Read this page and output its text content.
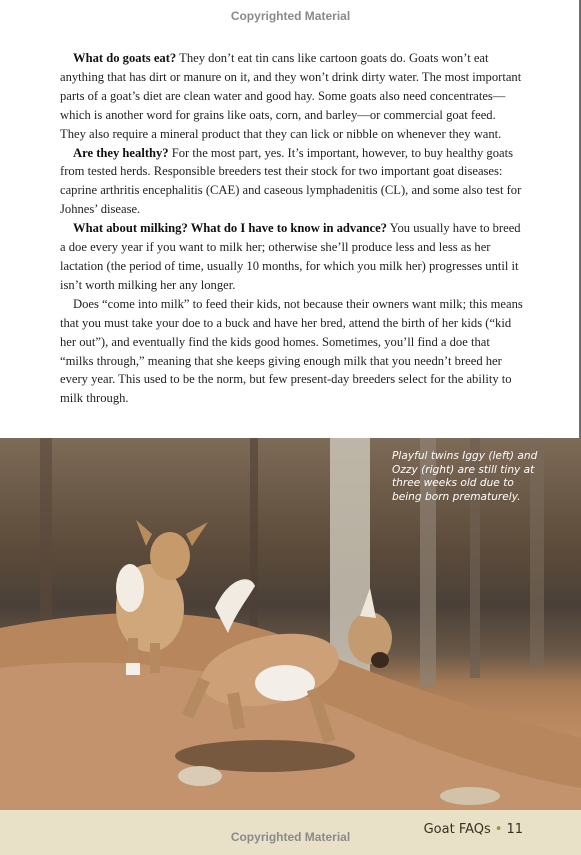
Copyrighted Material

What do goats eat? They don’t eat tin cans like cartoon goats do. Goats won’t eat anything that has dirt or manure on it, and they won’t drink dirty water. The most important parts of a goat’s diet are clean water and good hay. Some goats also need concentrates—which is another word for grains like oats, corn, and barley—or commercial goat feed. They also require a mineral product that they can lick or nibble on whenever they want.

Are they healthy? For the most part, yes. It’s important, however, to buy healthy goats from tested herds. Responsible breeders test their stock for two important goat diseases: caprine arthritis encephalitis (CAE) and caseous lymphadenitis (CL), and some also test for Johnes’ disease.

What about milking? What do I have to know in advance? You usually have to breed a doe every year if you want to milk her; otherwise she’ll produce less and less as her lactation (the period of time, usually 10 months, for which you milk her) progresses until it isn’t worth milking her any longer.

Does “come into milk” to feed their kids, not because their owners want milk; this means that you must take your doe to a buck and have her bred, attend the birth of her kids (“kid her out”), and eventually find the kids good homes. Sometimes, you’ll find a doe that “milks through,” meaning that she keeps giving enough milk that you needn’t breed her every year. This used to be the norm, but few present-day breeders select for the ability to milk through.

Playful twins Iggy (left) and Ozzy (right) are still tiny at three weeks old due to being born prematurely.
Copyrighted Material	Goat FAQs • 11
